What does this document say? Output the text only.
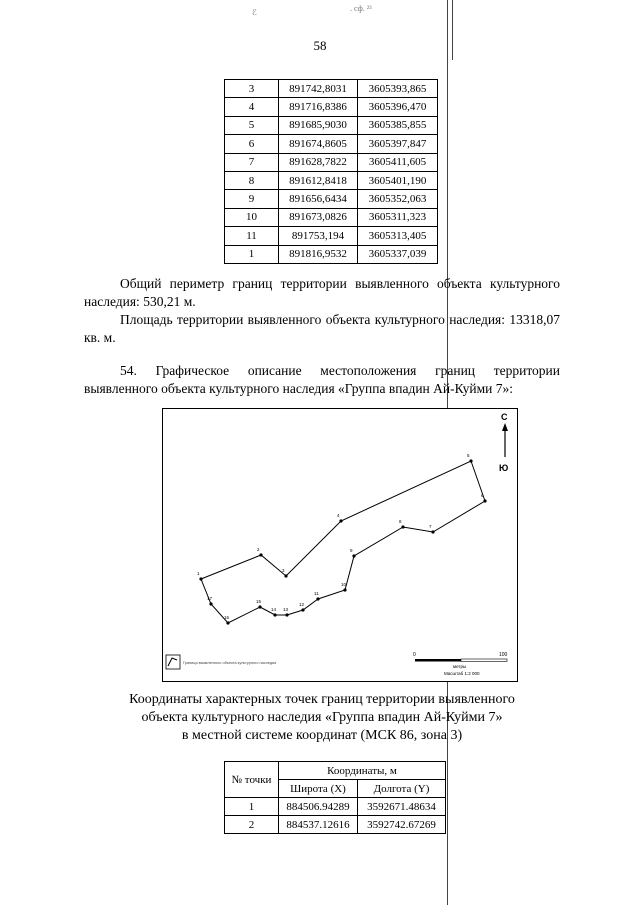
ℰ	. сф. ²³
58
3	891742,8031	3605393,865
4	891716,8386	3605396,470
5	891685,9030	3605385,855
6	891674,8605	3605397,847
7	891628,7822	3605411,605
8	891612,8418	3605401,190
9	891656,6434	3605352,063
10	891673,0826	3605311,323
11	891753,194	3605313,405
1	891816,9532	3605337,039
Общий периметр границ территории выявленного объекта культурного наследия: 530,21 м.
Площадь территории выявленного объекта культурного наследия: 13318,07 кв. м.
54. Графическое описание местоположения границ территории выявленного объекта культурного наследия «Группа впадин Ай-Куйми 7»:
1
2
3
4
5
6
7
8
9
10
11
12
13
14
15
16
17
С
Ю
Граница выявленного объекта культурного наследия
0	100
метры
Масштаб 1:2 000
Координаты характерных точек границ территории выявленного
объекта культурного наследия «Группа впадин Ай-Куйми 7»
в местной системе координат (МСК 86, зона 3)
№ точки	Координаты, м	
	Широта (X)	Долгота (Y)
1	884506.94289	3592671.48634
2	884537.12616	3592742.67269
